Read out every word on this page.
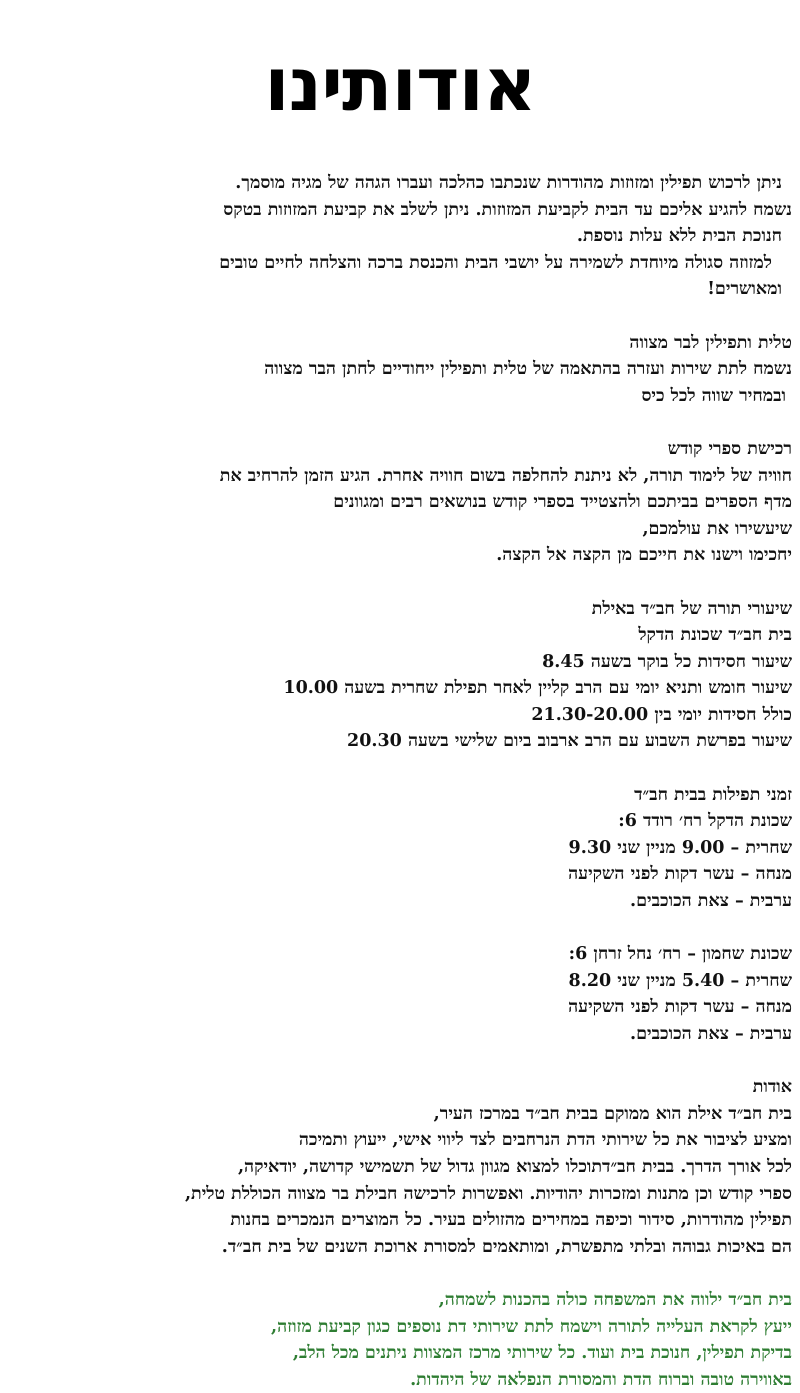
אודותינו
ניתן לרכוש תפילין ומזוזות מהודרות שנכתבו כהלכה ועברו הגהה של מגיה מוסמך.
נשמח להגיע אליכם עד הבית לקביעת המזוזות. ניתן לשלב את קביעת המזוזות בטקס
חנוכת הבית ללא עלות נוספת.
למזוזה סגולה מיוחדת לשמירה על יושבי הבית והכנסת ברכה והצלחה לחיים טובים
ומאושרים!
טלית ותפילין לבר מצווה
נשמח לתת שירות ועזרה בהתאמה של טלית ותפילין ייחודיים לחתן הבר מצווה
ובמחיר שווה לכל כיס
רכישת ספרי קודש
חוויה של לימוד תורה, לא ניתנת להחלפה בשום חוויה אחרת. הגיע הזמן להרחיב את
מדף הספרים בביתכם ולהצטייד בספרי קודש בנושאים רבים ומגוונים
שיעשירו את עולמכם,
יחכימו וישנו את חייכם מן הקצה אל הקצה.
שיעורי תורה של חב״ד באילת
בית חב״ד שכונת הדקל
שיעור חסידות כל בוקר בשעה 8.45
שיעור חומש ותניא יומי עם הרב קליין לאחר תפילת שחרית בשעה 10.00
כולל חסידות יומי בין 21.30-20.00
שיעור בפרשת השבוע עם הרב ארבוב ביום שלישי בשעה 20.30
זמני תפילות בבית חב״ד
שכונת הדקל רח׳ רודד 6:
שחרית – 9.00 מניין שני 9.30
מנחה – עשר דקות לפני השקיעה
ערבית – צאת הכוכבים.
שכונת שחמון – רח׳ נחל זרחן 6:
שחרית – 5.40 מניין שני 8.20
מנחה – עשר דקות לפני השקיעה
ערבית – צאת הכוכבים.
אודות
בית חב״ד אילת הוא ממוקם בבית חב״ד במרכז העיר,
ומציע לציבור את כל שירותי הדת הנרחבים לצד ליווי אישי, ייעוץ ותמיכה
לכל אורך הדרך. בבית חב״דתוכלו למצוא מגוון גדול של תשמישי קדושה, יודאיקה,
ספרי קודש וכן מתנות ומזכרות יהודיות. ואפשרות לרכישה חבילת בר מצווה הכוללת טלית,
תפילין מהודרות, סידור וכיפה במחירים מהזולים בעיר. כל המוצרים הנמכרים בחנות
הם באיכות גבוהה ובלתי מתפשרת, ומותאמים למסורת ארוכת השנים של בית חב״ד.
בית חב״ד ילווה את המשפחה כולה בהכנות לשמחה,
ייעץ לקראת העלייה לתורה וישמח לתת שירותי דת נוספים כגון קביעת מזוזה,
בדיקת תפילין, חנוכת בית ועוד. כל שירותי מרכז המצוות ניתנים מכל הלב,
באווירה טובה וברוח הדת והמסורת הנפלאה של היהדות.
